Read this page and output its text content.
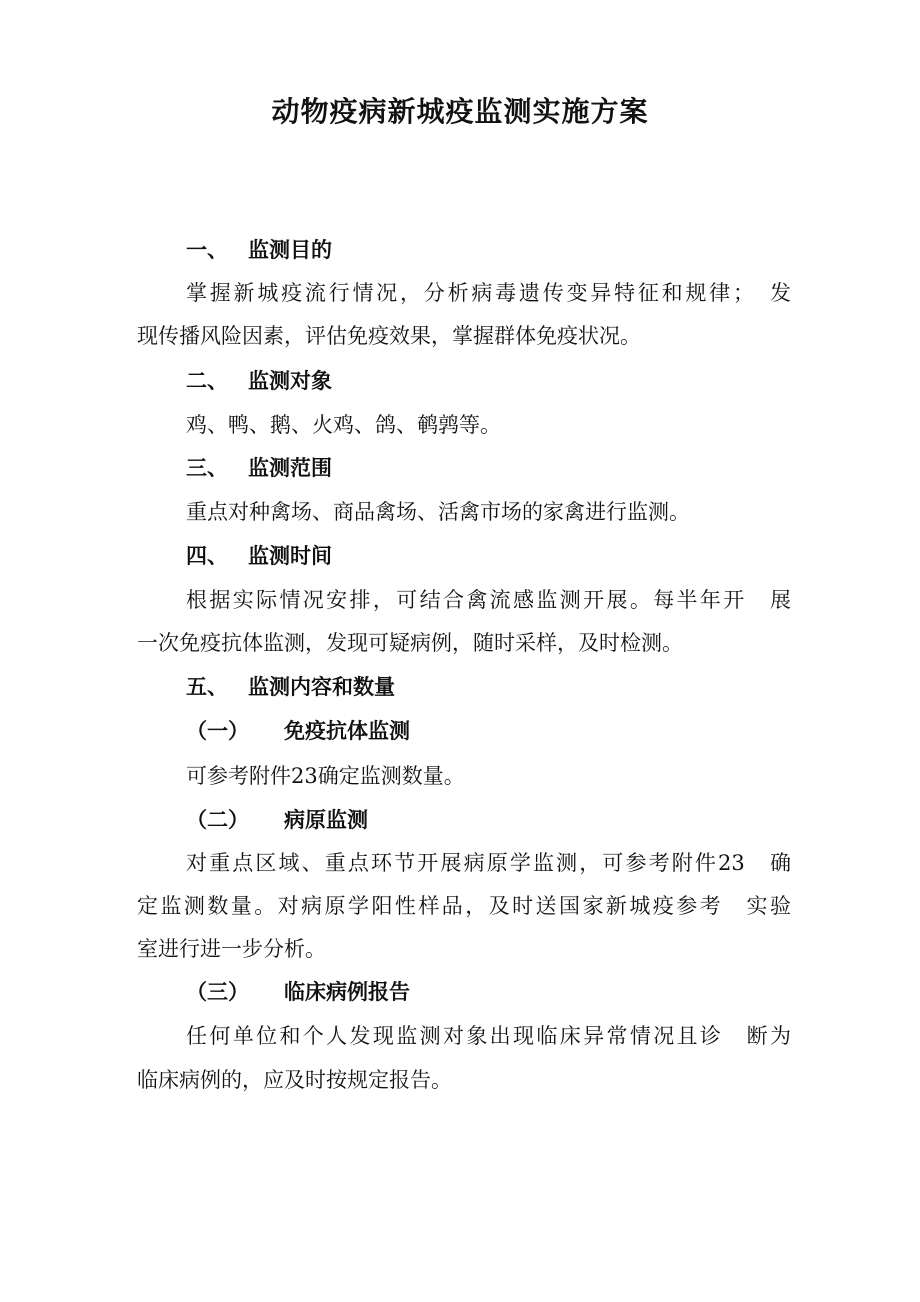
动物疫病新城疫监测实施方案

一、 监测目的

掌握新城疫流行情况，分析病毒遗传变异特征和规律；　发

现传播风险因素，评估免疫效果，掌握群体免疫状况。

二、 监测对象

鸡、鸭、鹅、火鸡、鸽、鹌鹑等。

三、 监测范围

重点对种禽场、商品禽场、活禽市场的家禽进行监测。

四、 监测时间

根据实际情况安排，可结合禽流感监测开展。每半年开　展

一次免疫抗体监测，发现可疑病例，随时采样，及时检测。

五、 监测内容和数量

（一） 免疫抗体监测

可参考附件23确定监测数量。

（二） 病原监测

对重点区域、重点环节开展病原学监测，可参考附件23　确

定监测数量。对病原学阳性样品，及时送国家新城疫参考　实验

室进行进一步分析。

（三） 临床病例报告

任何单位和个人发现监测对象出现临床异常情况且诊　断为

临床病例的，应及时按规定报告。
